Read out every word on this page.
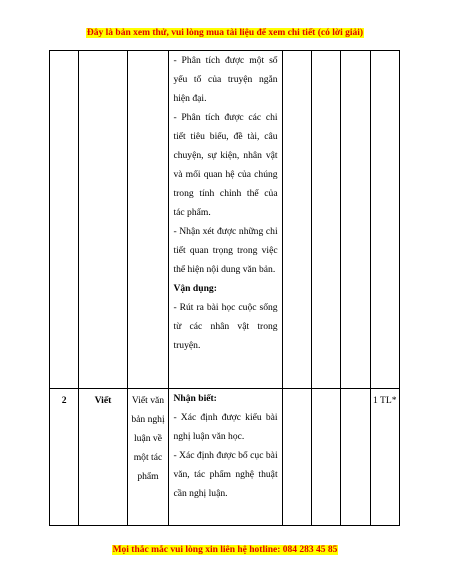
Đây là bản xem thử, vui lòng mua tài liệu để xem chi tiết (có lời giải)

			- Phân tích được một số yếu tố của truyện ngắn hiện đại.

- Phân tích được các chi tiết tiêu biểu, đề tài, câu chuyện, sự kiện, nhân vật và mối quan hệ của chúng trong tính chỉnh thể của tác phẩm.

- Nhận xét được những chi tiết quan trọng trong việc thể hiện nội dung văn bản.

Vận dụng:

- Rút ra bài học cuộc sống từ các nhân vật trong truyện.				

2	Viết	Viết văn bản nghị luận về một tác phẩm	Nhận biết:

- Xác định được kiểu bài nghị luận văn học.

- Xác định được bố cục bài văn, tác phẩm nghệ thuật cần nghị luận.				1 TL*
Mọi thắc mắc vui lòng xin liên hệ hotline: 084 283 45 85
